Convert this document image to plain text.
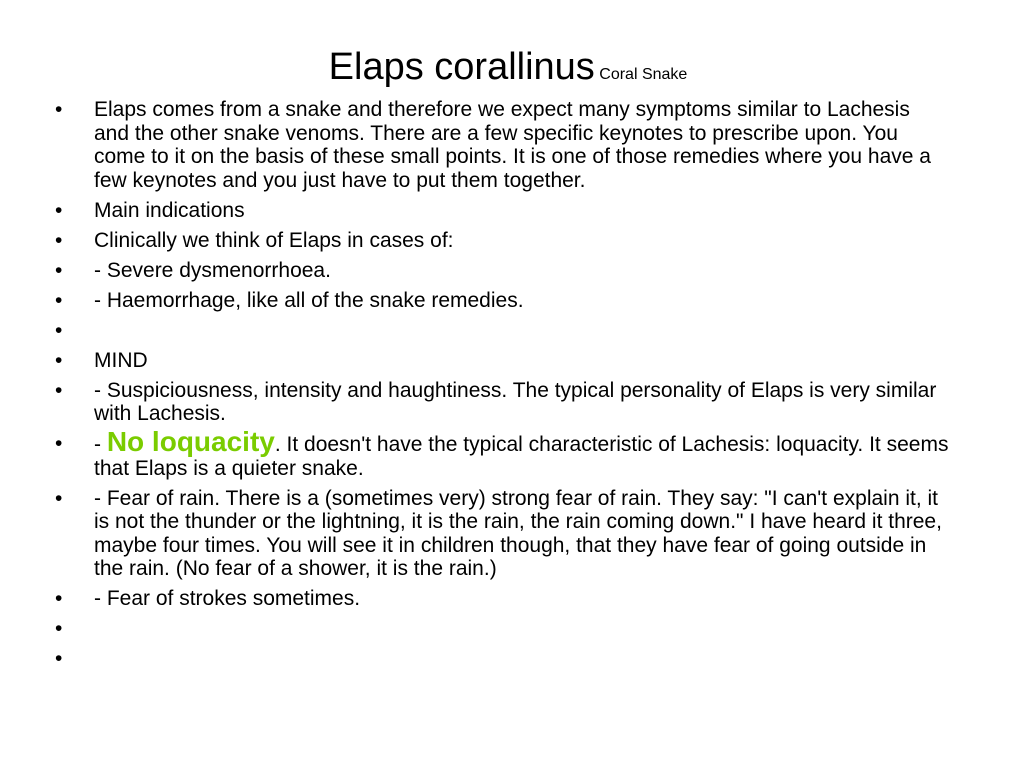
Elaps corallinus Coral Snake
• Elaps comes from a snake and therefore we expect many symptoms similar to Lachesis and the other snake venoms. There are a few specific keynotes to prescribe upon. You come to it on the basis of these small points. It is one of those remedies where you have a few keynotes and you just have to put them together.
• Main indications
• Clinically we think of Elaps in cases of:
• - Severe dysmenorrhoea.
• - Haemorrhage, like all of the snake remedies.
•
• MIND
• - Suspiciousness, intensity and haughtiness. The typical personality of Elaps is very similar with Lachesis.
• - No loquacity. It doesn't have the typical characteristic of Lachesis: loquacity. It seems that Elaps is a quieter snake.
• - Fear of rain. There is a (sometimes very) strong fear of rain. They say: "I can't explain it, it is not the thunder or the lightning, it is the rain, the rain coming down." I have heard it three, maybe four times. You will see it in children though, that they have fear of going outside in the rain. (No fear of a shower, it is the rain.)
• - Fear of strokes sometimes.
•
•
